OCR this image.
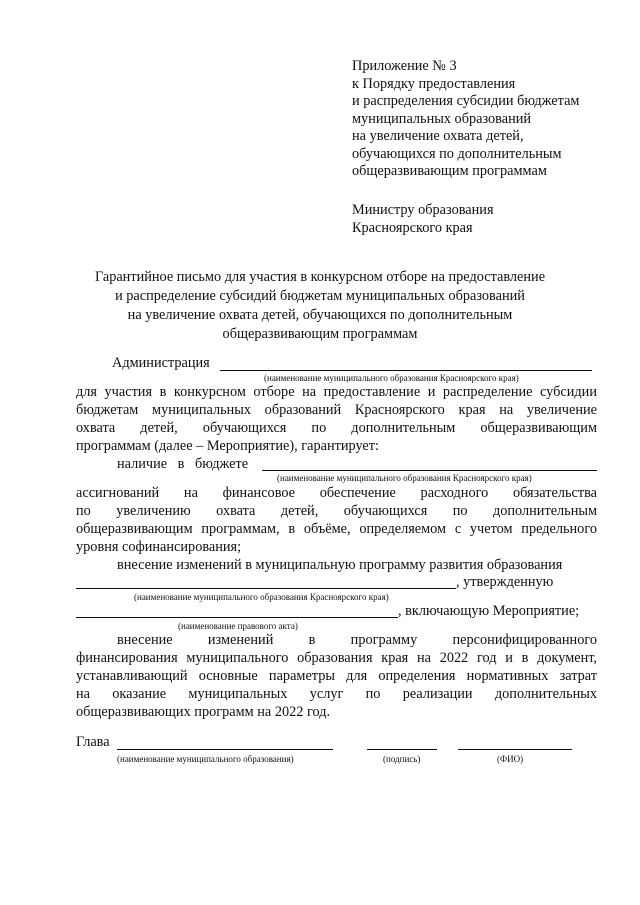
Приложение № 3
к Порядку предоставления
и распределения субсидии бюджетам
муниципальных образований
на увеличение охвата детей,
обучающихся по дополнительным
общеразвивающим программам
Министру образования
Красноярского края
Гарантийное письмо для участия в конкурсном отборе на предоставление
и распределение субсидий бюджетам муниципальных образований
на увеличение охвата детей, обучающихся по дополнительным
общеразвивающим программам
Администрация
(наименование муниципального образования Красноярского края)
для участия в конкурсном отборе на предоставление и распределение субсидии
бюджетам муниципальных образований Красноярского края на увеличение
охвата детей, обучающихся по дополнительным общеразвивающим
программам (далее – Мероприятие), гарантирует:
наличие в бюджете
(наименование муниципального образования Красноярского края)
ассигнований на финансовое обеспечение расходного обязательства
по увеличению охвата детей, обучающихся по дополнительным
общеразвивающим программам, в объёме, определяемом с учетом предельного
уровня софинансирования;
внесение изменений в муниципальную программу развития образования
, утвержденную
(наименование муниципального образования Красноярского края)
, включающую Мероприятие;
(наименование правового акта)
внесение изменений в программу персонифицированного
финансирования муниципального образования края на 2022 год и в документ,
устанавливающий основные параметры для определения нормативных затрат
на оказание муниципальных услуг по реализации дополнительных
общеразвивающих программ на 2022 год.
Глава
(наименование муниципального образования)	(подпись)	(ФИО)
